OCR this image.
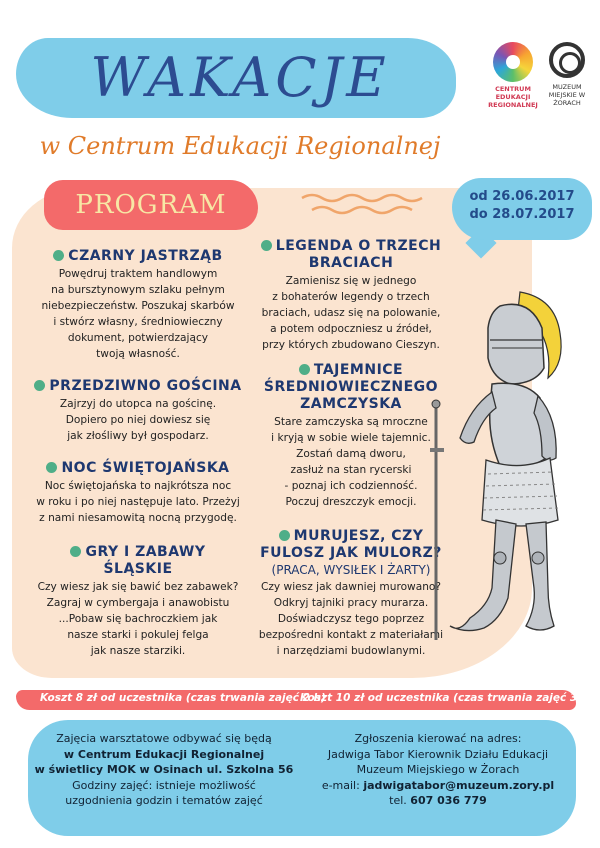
WAKACJE
w Centrum Edukacji Regionalnej
CENTRUM EDUKACJI REGIONALNEJ
MUZEUM MIEJSKIE W ŻORACH
PROGRAM	od 26.06.2017
do 28.07.2017
CZARNY JASTRZĄB
Powędruj traktem handlowym
na bursztynowym szlaku pełnym
niebezpieczeństw. Poszukaj skarbów
i stwórz własny, średniowieczny
dokument, potwierdzający
twoją własność.
PRZEDZIWNO GOŚCINA
Zajrzyj do utopca na gościnę.
Dopiero po niej dowiesz się
jak złośliwy był gospodarz.
NOC ŚWIĘTOJAŃSKA
Noc świętojańska to najkrótsza noc
w roku i po niej następuje lato. Przeżyj
z nami niesamowitą nocną przygodę.
GRY I ZABAWY
ŚLĄSKIE
Czy wiesz jak się bawić bez zabawek?
Zagraj w cymbergaja i anawobistu
...Pobaw się bachroczkiem jak
nasze starki i pokulej felga
jak nasze starziki.
LEGENDA O TRZECH
BRACIACH
Zamienisz się w jednego
z bohaterów legendy o trzech
braciach, udasz się na polowanie,
a potem odpoczniesz u źródeł,
przy których zbudowano Cieszyn.
TAJEMNICE
ŚREDNIOWIECZNEGO
ZAMCZYSKA
Stare zamczyska są mroczne
i kryją w sobie wiele tajemnic.
Zostań damą dworu,
zasłuż na stan rycerski
- poznaj ich codzienność.
Poczuj dreszczyk emocji.
MURUJESZ, CZY
FULOSZ JAK MULORZ?
(PRACA, WYSIŁEK I ŻARTY)
Czy wiesz jak dawniej murowano?
Odkryj tajniki pracy murarza.
Doświadczysz tego poprzez
bezpośredni kontakt z materiałami
i narzędziami budowlanymi.
Koszt 8 zł od uczestnika (czas trwania zajęć 2 h)
Koszt 10 zł od uczestnika (czas trwania zajęć 3 h)
Zajęcia warsztatowe odbywać się będą
w Centrum Edukacji Regionalnej
w świetlicy MOK w Osinach ul. Szkolna 56
Godziny zajęć: istnieje możliwość
uzgodnienia godzin i tematów zajęć
Zgłoszenia kierować na adres:
Jadwiga Tabor Kierownik Działu Edukacji
Muzeum Miejskiego w Żorach
e-mail: jadwigatabor@muzeum.zory.pl
tel. 607 036 779
